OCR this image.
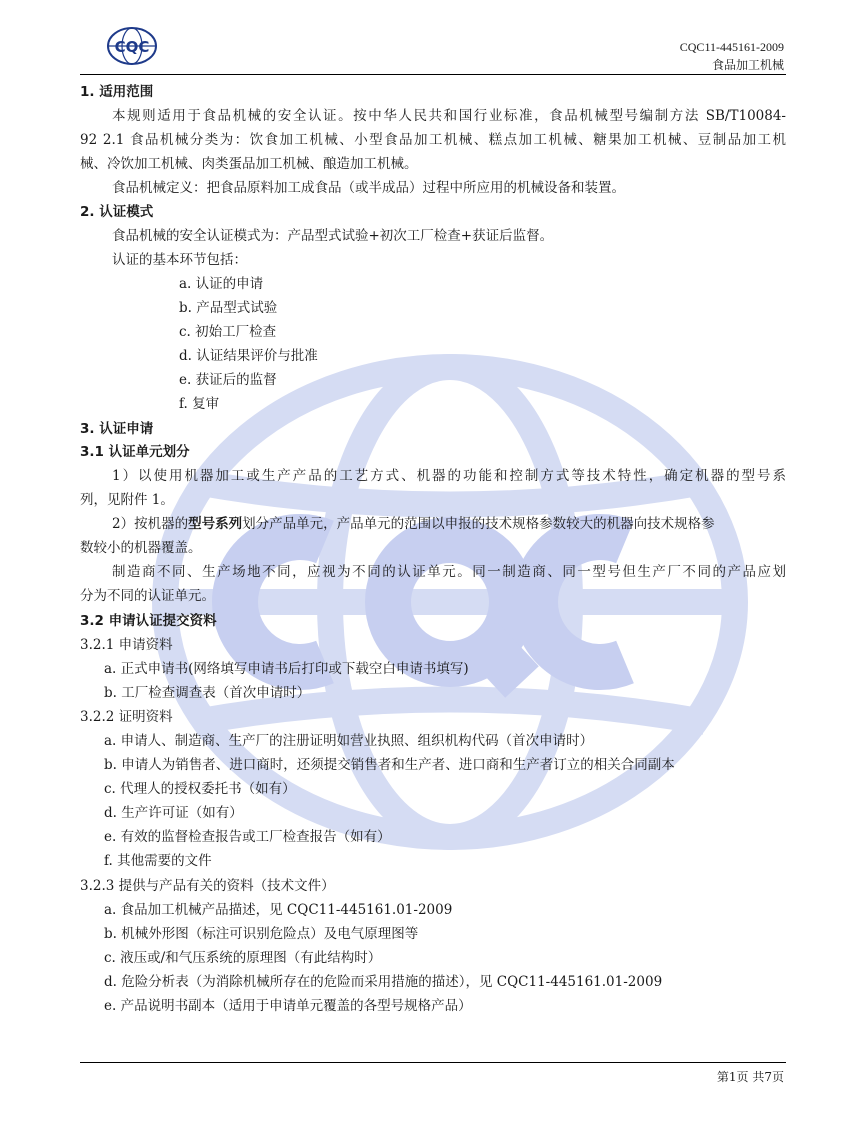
CQC	CQC11-445161-2009
食品加工机械
1. 适用范围
本规则适用于食品机械的安全认证。按中华人民共和国行业标准，食品机械型号编制方法 SB/T10084-
92 2.1 食品机械分类为：饮食加工机械、小型食品加工机械、糕点加工机械、糖果加工机械、豆制品加工机
械、冷饮加工机械、肉类蛋品加工机械、酿造加工机械。
食品机械定义：把食品原料加工成食品（或半成品）过程中所应用的机械设备和装置。
2. 认证模式
食品机械的安全认证模式为：产品型式试验+初次工厂检查+获证后监督。
认证的基本环节包括：
a. 认证的申请
b. 产品型式试验
c. 初始工厂检查
d. 认证结果评价与批准
e. 获证后的监督
f. 复审
3. 认证申请
3.1 认证单元划分
1）以使用机器加工或生产产品的工艺方式、机器的功能和控制方式等技术特性，确定机器的型号系
列，见附件 1。
2）按机器的型号系列划分产品单元，产品单元的范围以申报的技术规格参数较大的机器向技术规格参
数较小的机器覆盖。
制造商不同、生产场地不同，应视为不同的认证单元。同一制造商、同一型号但生产厂不同的产品应划
分为不同的认证单元。
3.2 申请认证提交资料
3.2.1 申请资料
a. 正式申请书(网络填写申请书后打印或下载空白申请书填写)
b. 工厂检查调查表（首次申请时）
3.2.2 证明资料
a. 申请人、制造商、生产厂的注册证明如营业执照、组织机构代码（首次申请时）
b. 申请人为销售者、进口商时，还须提交销售者和生产者、进口商和生产者订立的相关合同副本
c. 代理人的授权委托书（如有）
d. 生产许可证（如有）
e. 有效的监督检查报告或工厂检查报告（如有）
f. 其他需要的文件
3.2.3 提供与产品有关的资料（技术文件）
a. 食品加工机械产品描述，见 CQC11-445161.01-2009
b. 机械外形图（标注可识别危险点）及电气原理图等
c. 液压或/和气压系统的原理图（有此结构时）
d. 危险分析表（为消除机械所存在的危险而采用措施的描述），见 CQC11-445161.01-2009
e. 产品说明书副本（适用于申请单元覆盖的各型号规格产品）
第1页 共7页
